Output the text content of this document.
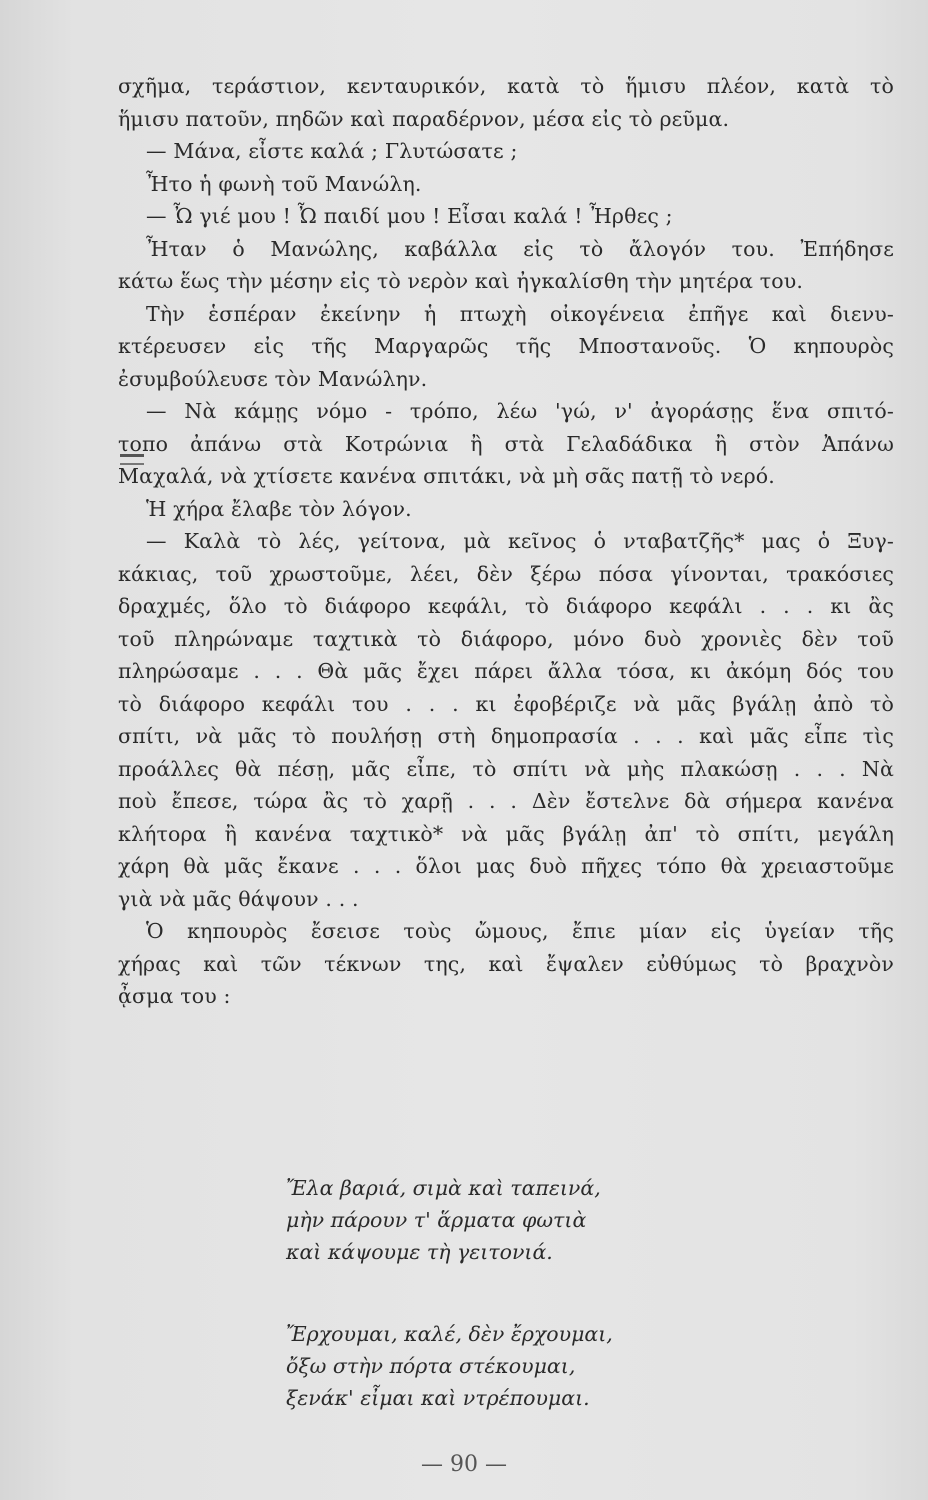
σχῆμα, τεράστιον, κενταυρικόν, κατὰ τὸ ἥμισυ πλέον, κατὰ τὸ
ἥμισυ πατοῦν, πηδῶν καὶ παραδέρνον, μέσα εἰς τὸ ρεῦμα.
— Μάνα, εἶστε καλά ; Γλυτώσατε ;
Ἦτο ἡ φωνὴ τοῦ Μανώλη.
— Ὦ γιέ μου ! Ὦ παιδί μου ! Εἶσαι καλά ! Ἦρθες ;
Ἦταν ὁ Μανώλης, καβάλλα εἰς τὸ ἄλογόν του. Ἐπήδησε
κάτω ἕως τὴν μέσην εἰς τὸ νερὸν καὶ ἠγκαλίσθη τὴν μητέρα του.
Τὴν ἑσπέραν ἐκείνην ἡ πτωχὴ οἰκογένεια ἐπῆγε καὶ διενυ-
κτέρευσεν εἰς τῆς Μαργαρῶς τῆς Μποστανοῦς. Ὁ κηπουρὸς
ἐσυμβούλευσε τὸν Μανώλην.
— Νὰ κάμῃς νόμο - τρόπο, λέω 'γώ, ν' ἀγοράσῃς ἕνα σπιτό-
τοπο ἀπάνω στὰ Κοτρώνια ἢ στὰ Γελαδάδικα ἢ στὸν Ἀπάνω
Μαχαλά, νὰ χτίσετε κανένα σπιτάκι, νὰ μὴ σᾶς πατῇ τὸ νερό.
Ἡ χήρα ἔλαβε τὸν λόγον.
— Καλὰ τὸ λές, γείτονα, μὰ κεῖνος ὁ νταβατζῆς* μας ὁ Ξυγ-
κάκιας, τοῦ χρωστοῦμε, λέει, δὲν ξέρω πόσα γίνονται, τρακόσιες
δραχμές, ὅλο τὸ διάφορο κεφάλι, τὸ διάφορο κεφάλι . . . κι ἂς
τοῦ πληρώναμε ταχτικὰ τὸ διάφορο, μόνο δυὸ χρονιὲς δὲν τοῦ
πληρώσαμε . . . Θὰ μᾶς ἔχει πάρει ἄλλα τόσα, κι ἀκόμη δός του
τὸ διάφορο κεφάλι του . . . κι ἐφοβέριζε νὰ μᾶς βγάλῃ ἀπὸ τὸ
σπίτι, νὰ μᾶς τὸ πουλήσῃ στὴ δημοπρασία . . . καὶ μᾶς εἶπε τὶς
προάλλες θὰ πέσῃ, μᾶς εἶπε, τὸ σπίτι νὰ μὴς πλακώσῃ . . . Νὰ
ποὺ ἔπεσε, τώρα ἂς τὸ χαρῇ . . . Δὲν ἔστελνε δὰ σήμερα κανένα
κλήτορα ἢ κανένα ταχτικὸ* νὰ μᾶς βγάλῃ ἀπ' τὸ σπίτι, μεγάλη
χάρη θὰ μᾶς ἔκανε . . . ὅλοι μας δυὸ πῆχες τόπο θὰ χρειαστοῦμε
γιὰ νὰ μᾶς θάψουν . . .
Ὁ κηπουρὸς ἔσεισε τοὺς ὤμους, ἔπιε μίαν εἰς ὑγείαν τῆς
χήρας καὶ τῶν τέκνων της, καὶ ἔψαλεν εὐθύμως τὸ βραχνὸν
ᾆσμα του :
Ἔλα βαριά, σιμὰ καὶ ταπεινά,
μὴν πάρουν τ' ἅρματα φωτιὰ
καὶ κάψουμε τὴ γειτονιά.
Ἔρχουμαι, καλέ, δὲν ἔρχουμαι,
ὄξω στὴν πόρτα στέκουμαι,
ξενάκ' εἶμαι καὶ ντρέπουμαι.
— 90 —
